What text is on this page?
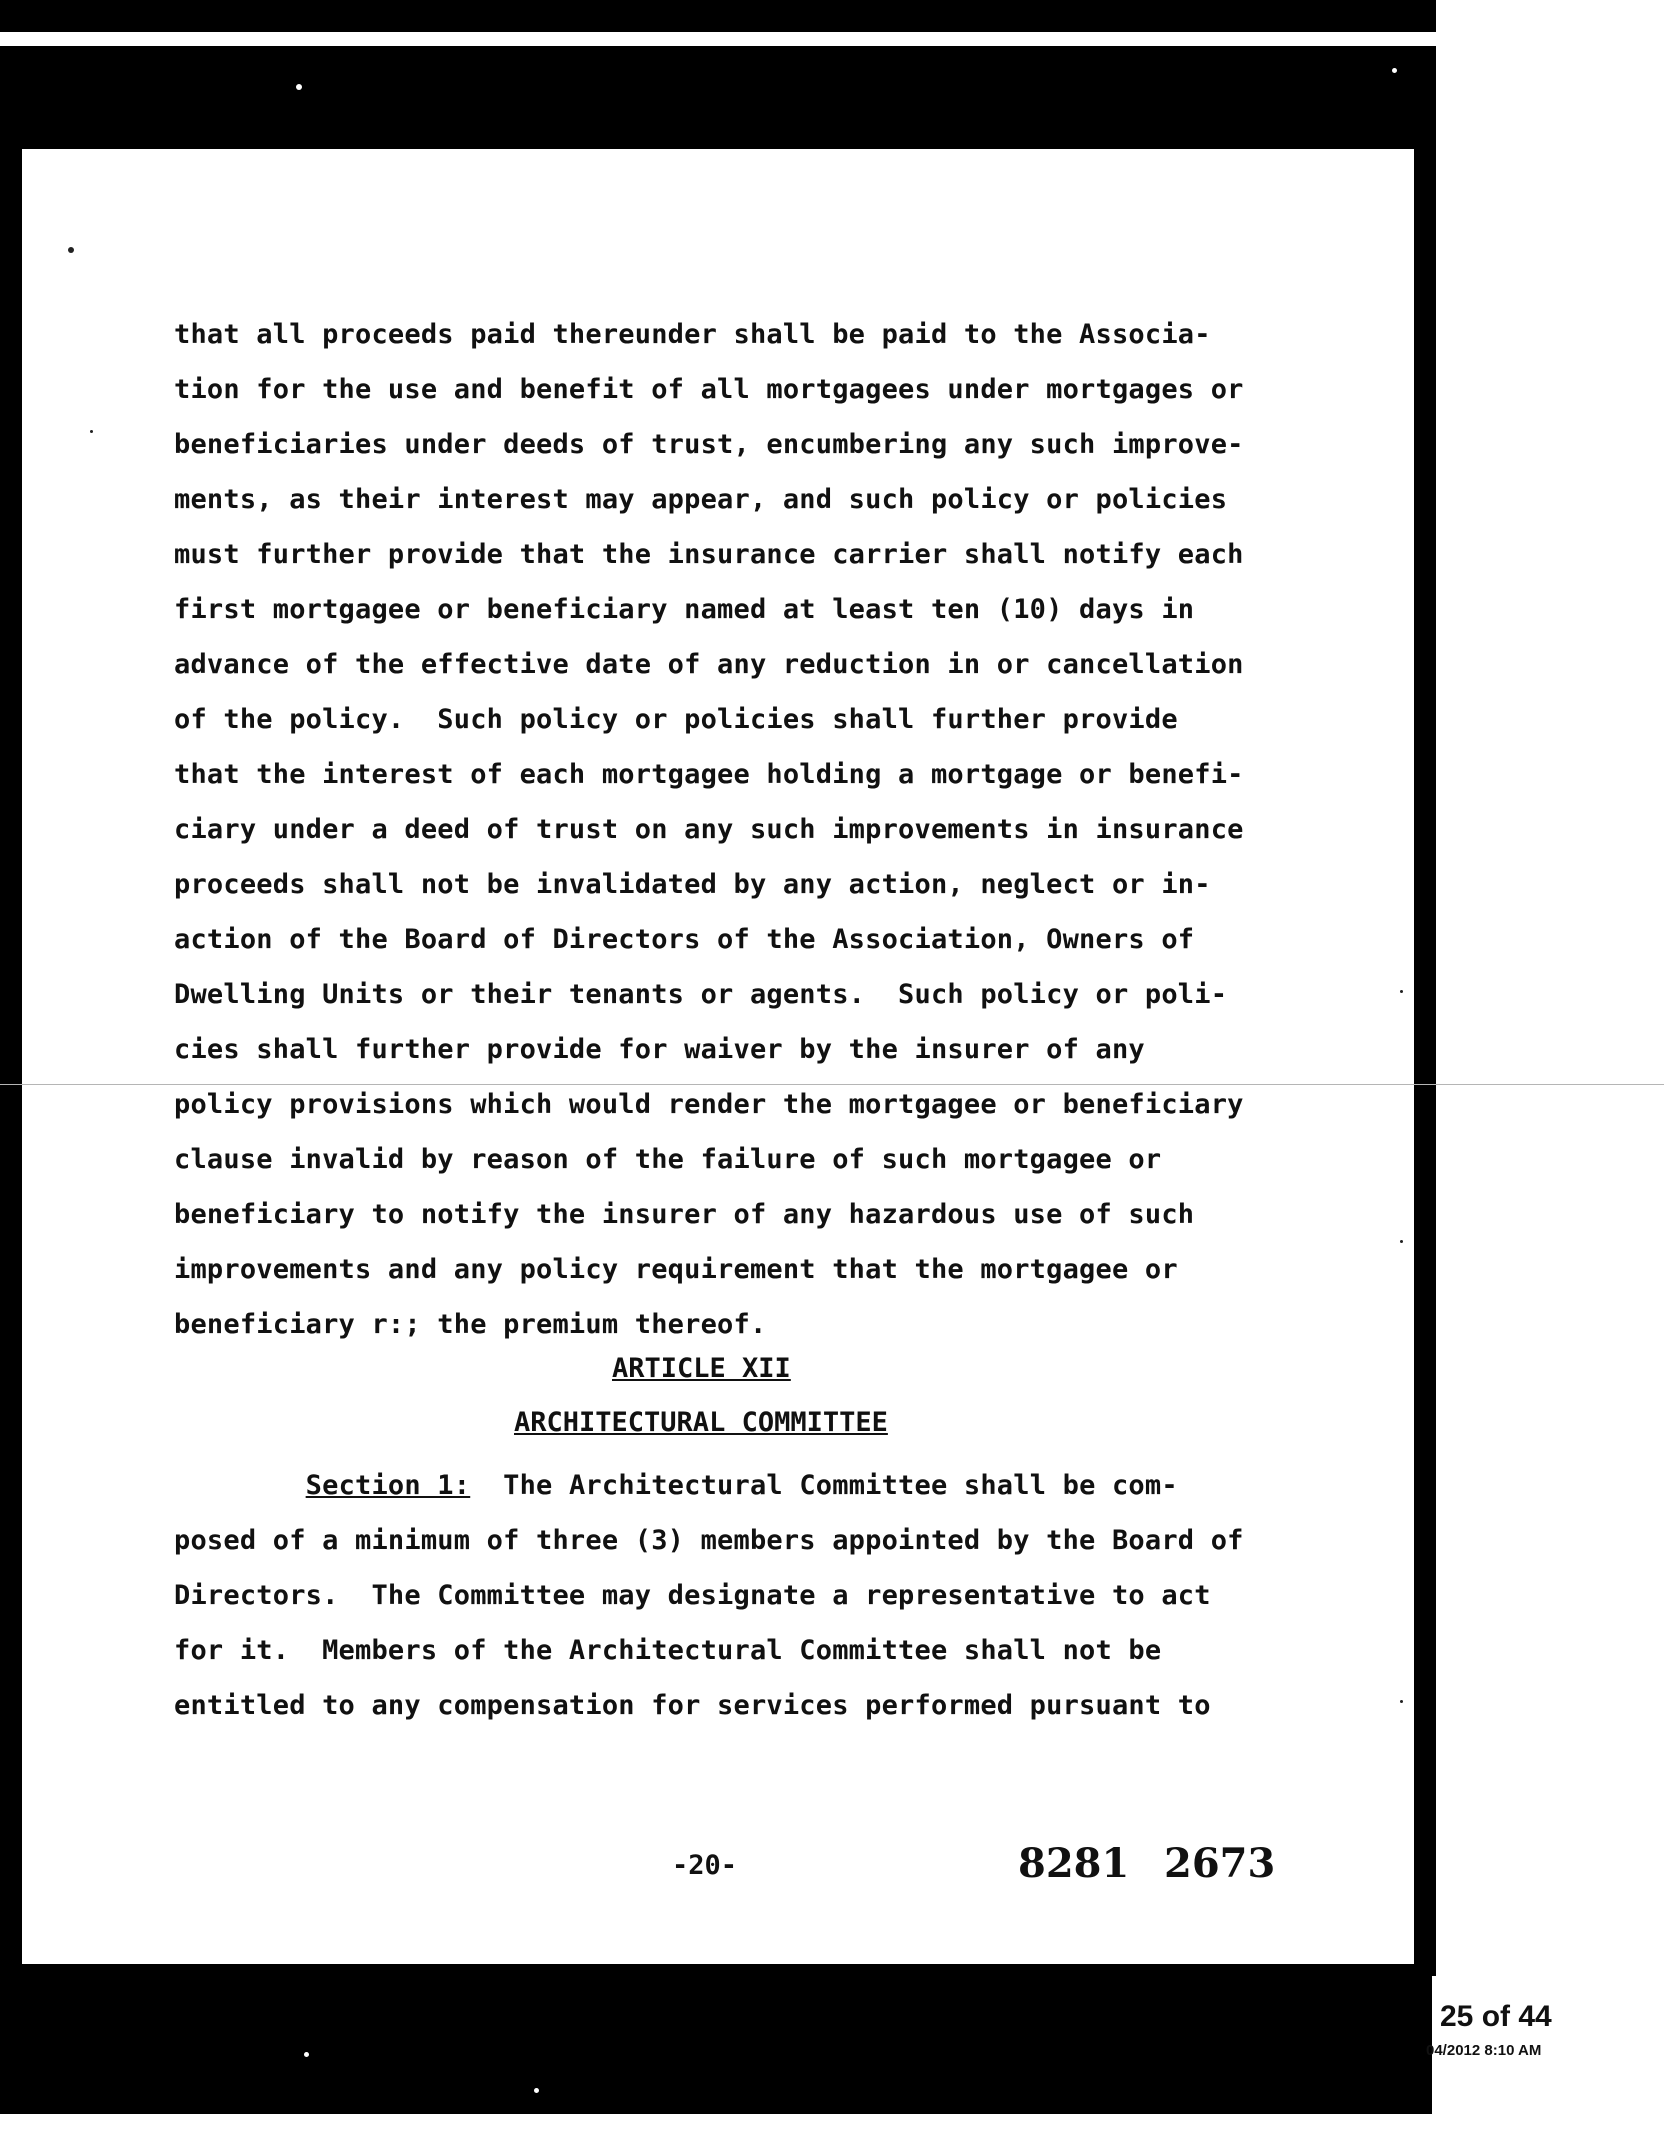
that all proceeds paid thereunder shall be paid to the Associa-
tion for the use and benefit of all mortgagees under mortgages or
beneficiaries under deeds of trust, encumbering any such improve-
ments, as their interest may appear, and such policy or policies
must further provide that the insurance carrier shall notify each
first mortgagee or beneficiary named at least ten (10) days in
advance of the effective date of any reduction in or cancellation
of the policy.  Such policy or policies shall further provide
that the interest of each mortgagee holding a mortgage or benefi-
ciary under a deed of trust on any such improvements in insurance
proceeds shall not be invalidated by any action, neglect or in-
action of the Board of Directors of the Association, Owners of
Dwelling Units or their tenants or agents.  Such policy or poli-
cies shall further provide for waiver by the insurer of any
policy provisions which would render the mortgagee or beneficiary
clause invalid by reason of the failure of such mortgagee or
beneficiary to notify the insurer of any hazardous use of such
improvements and any policy requirement that the mortgagee or
beneficiary r:; the premium thereof.
ARTICLE XII
ARCHITECTURAL COMMITTEE
Section 1:  The Architectural Committee shall be com-
posed of a minimum of three (3) members appointed by the Board of
Directors.  The Committee may designate a representative to act
for it.  Members of the Architectural Committee shall not be
entitled to any compensation for services performed pursuant to
-20-	8281 2673
25 of 44
04/2012 8:10 AM
